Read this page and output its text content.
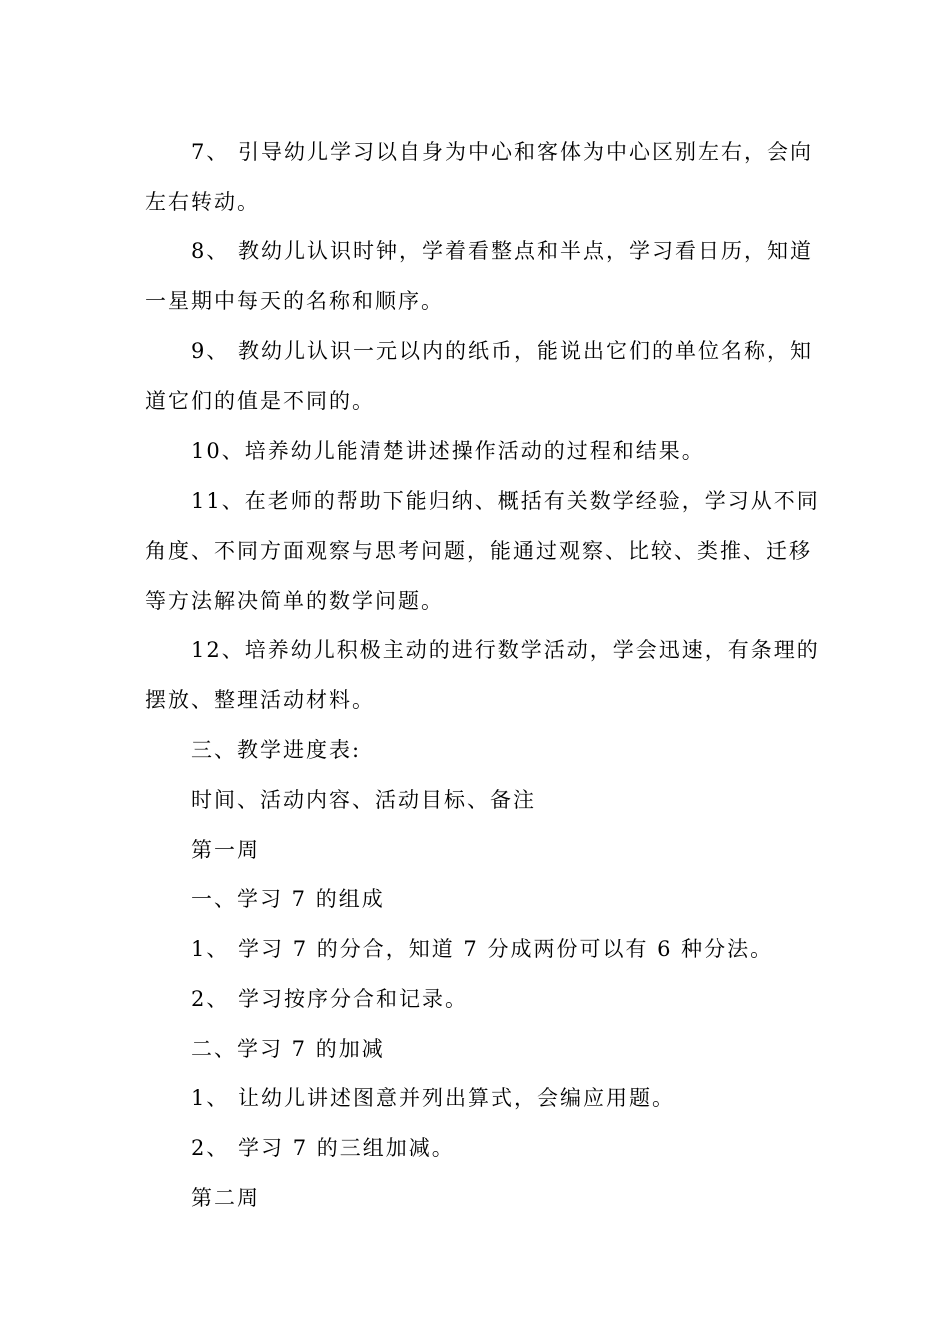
7、 引导幼儿学习以自身为中心和客体为中心区别左右，会向
左右转动。
8、 教幼儿认识时钟，学着看整点和半点，学习看日历，知道
一星期中每天的名称和顺序。
9、 教幼儿认识一元以内的纸币，能说出它们的单位名称，知
道它们的值是不同的。
10、培养幼儿能清楚讲述操作活动的过程和结果。
11、在老师的帮助下能归纳、概括有关数学经验，学习从不同
角度、不同方面观察与思考问题，能通过观察、比较、类推、迁移
等方法解决简单的数学问题。
12、培养幼儿积极主动的进行数学活动，学会迅速，有条理的
摆放、整理活动材料。
三、教学进度表:
时间、活动内容、活动目标、备注
第一周
一、学习 7 的组成
1、 学习 7 的分合，知道 7 分成两份可以有 6 种分法。
2、 学习按序分合和记录。
二、学习 7 的加减
1、 让幼儿讲述图意并列出算式，会编应用题。
2、 学习 7 的三组加减。
第二周
